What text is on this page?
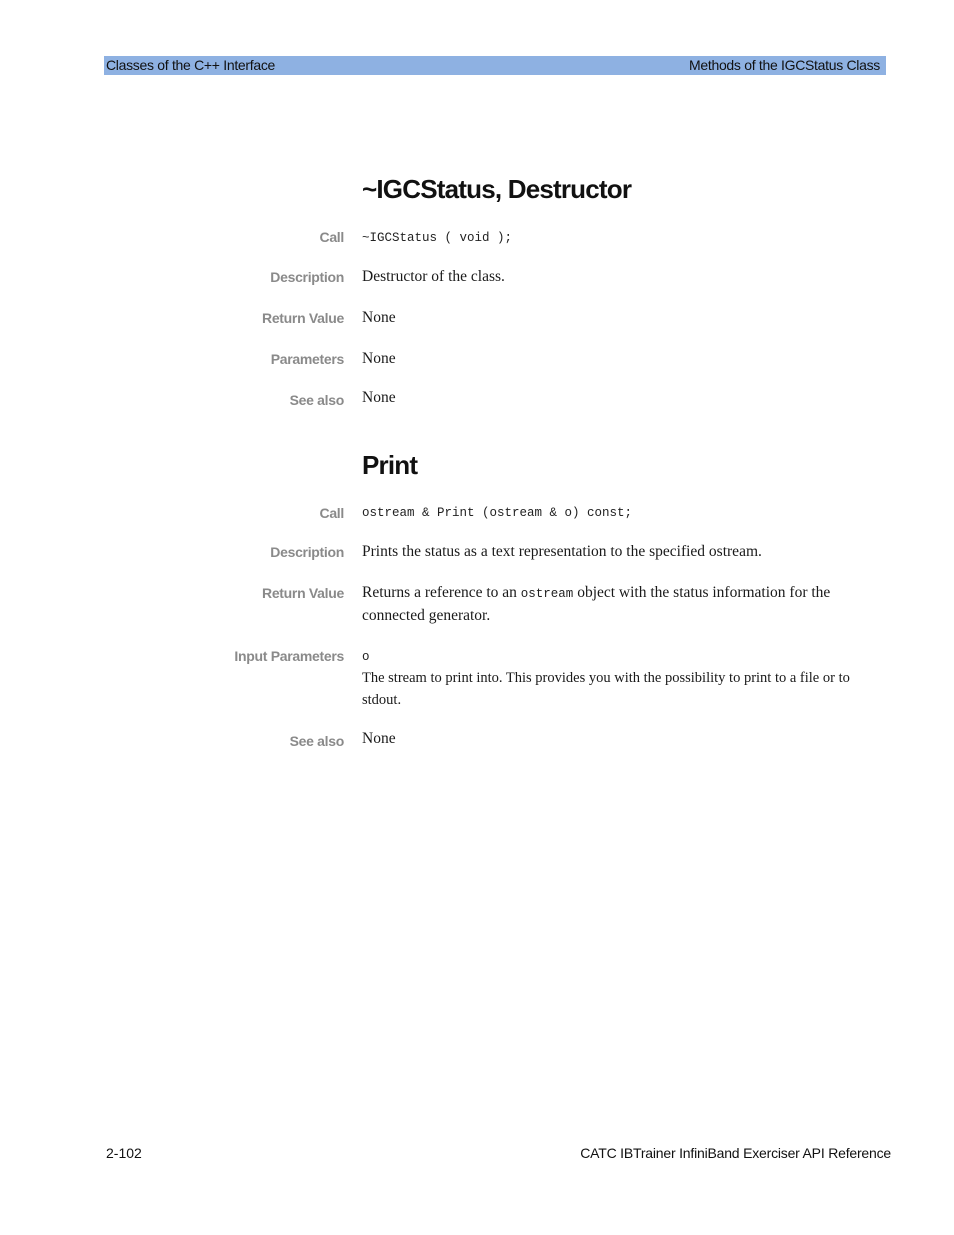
Classes of the C++ Interface	Methods of the IGCStatus Class
~IGCStatus, Destructor
Call ~IGCStatus ( void );
Description Destructor of the class.
Return Value None
Parameters None
See also None
Print
Call ostream & Print (ostream & o) const;
Description Prints the status as a text representation to the specified ostream.
Return Value Returns a reference to an ostream object with the status information for the connected generator.
Input Parameters o
The stream to print into. This provides you with the possibility to print to a file or to stdout.
See also None
2-102	CATC IBTrainer InfiniBand Exerciser API Reference
